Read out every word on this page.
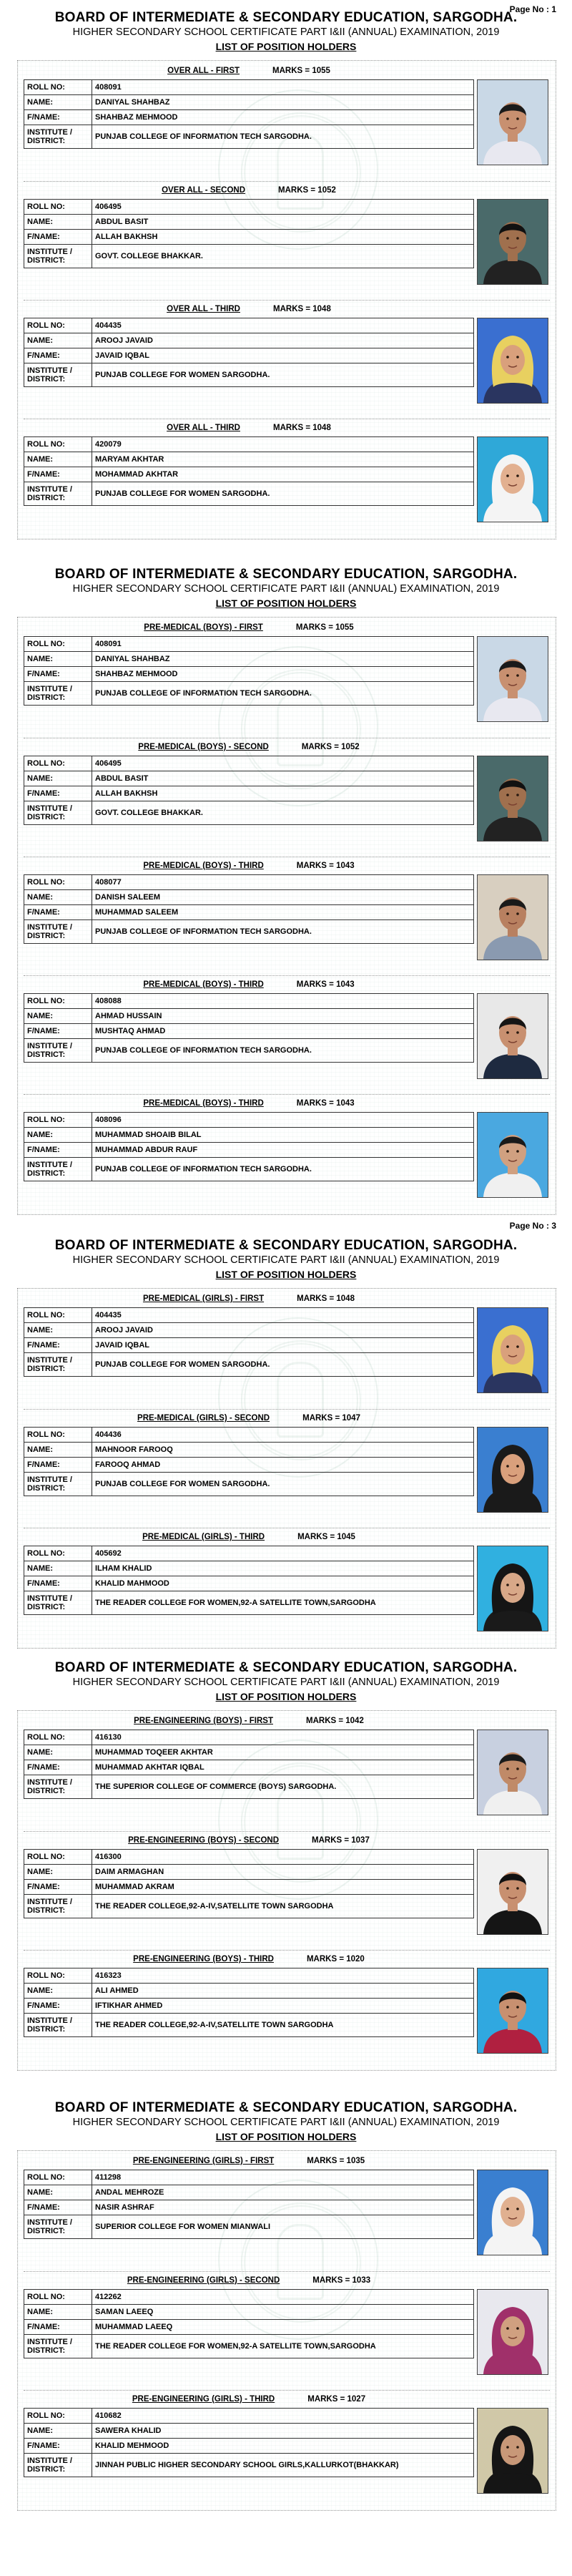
Page No : 1
Page No : 3
BOARD OF INTERMEDIATE & SECONDARY EDUCATION, SARGODHA.
HIGHER SECONDARY SCHOOL CERTIFICATE PART I&II (ANNUAL) EXAMINATION, 2019
LIST OF POSITION HOLDERS
OVER ALL - FIRST	MARKS = 1055
ROLL NO:	408091
NAME:	DANIYAL SHAHBAZ
F/NAME:	SHAHBAZ MEHMOOD
INSTITUTE / DISTRICT:	PUNJAB COLLEGE OF INFORMATION TECH SARGODHA.
OVER ALL - SECOND	MARKS = 1052
ROLL NO:	406495
NAME:	ABDUL BASIT
F/NAME:	ALLAH BAKHSH
INSTITUTE / DISTRICT:	GOVT. COLLEGE BHAKKAR.
OVER ALL - THIRD	MARKS = 1048
ROLL NO:	404435
NAME:	AROOJ JAVAID
F/NAME:	JAVAID IQBAL
INSTITUTE / DISTRICT:	PUNJAB COLLEGE FOR WOMEN SARGODHA.
OVER ALL - THIRD	MARKS = 1048
ROLL NO:	420079
NAME:	MARYAM AKHTAR
F/NAME:	MOHAMMAD AKHTAR
INSTITUTE / DISTRICT:	PUNJAB COLLEGE FOR WOMEN SARGODHA.
BOARD OF INTERMEDIATE & SECONDARY EDUCATION, SARGODHA.
HIGHER SECONDARY SCHOOL CERTIFICATE PART I&II (ANNUAL) EXAMINATION, 2019
LIST OF POSITION HOLDERS
PRE-MEDICAL (BOYS) - FIRST	MARKS = 1055
ROLL NO:	408091
NAME:	DANIYAL SHAHBAZ
F/NAME:	SHAHBAZ MEHMOOD
INSTITUTE / DISTRICT:	PUNJAB COLLEGE OF INFORMATION TECH SARGODHA.
PRE-MEDICAL (BOYS) - SECOND	MARKS = 1052
ROLL NO:	406495
NAME:	ABDUL BASIT
F/NAME:	ALLAH BAKHSH
INSTITUTE / DISTRICT:	GOVT. COLLEGE BHAKKAR.
PRE-MEDICAL (BOYS) - THIRD	MARKS = 1043
ROLL NO:	408077
NAME:	DANISH SALEEM
F/NAME:	MUHAMMAD SALEEM
INSTITUTE / DISTRICT:	PUNJAB COLLEGE OF INFORMATION TECH SARGODHA.
PRE-MEDICAL (BOYS) - THIRD	MARKS = 1043
ROLL NO:	408088
NAME:	AHMAD HUSSAIN
F/NAME:	MUSHTAQ AHMAD
INSTITUTE / DISTRICT:	PUNJAB COLLEGE OF INFORMATION TECH SARGODHA.
PRE-MEDICAL (BOYS) - THIRD	MARKS = 1043
ROLL NO:	408096
NAME:	MUHAMMAD SHOAIB BILAL
F/NAME:	MUHAMMAD ABDUR RAUF
INSTITUTE / DISTRICT:	PUNJAB COLLEGE OF INFORMATION TECH SARGODHA.
BOARD OF INTERMEDIATE & SECONDARY EDUCATION, SARGODHA.
HIGHER SECONDARY SCHOOL CERTIFICATE PART I&II (ANNUAL) EXAMINATION, 2019
LIST OF POSITION HOLDERS
PRE-MEDICAL (GIRLS) - FIRST	MARKS = 1048
ROLL NO:	404435
NAME:	AROOJ JAVAID
F/NAME:	JAVAID IQBAL
INSTITUTE / DISTRICT:	PUNJAB COLLEGE FOR WOMEN SARGODHA.
PRE-MEDICAL (GIRLS) - SECOND	MARKS = 1047
ROLL NO:	404436
NAME:	MAHNOOR FAROOQ
F/NAME:	FAROOQ AHMAD
INSTITUTE / DISTRICT:	PUNJAB COLLEGE FOR WOMEN SARGODHA.
PRE-MEDICAL (GIRLS) - THIRD	MARKS = 1045
ROLL NO:	405692
NAME:	ILHAM KHALID
F/NAME:	KHALID MAHMOOD
INSTITUTE / DISTRICT:	THE READER COLLEGE FOR WOMEN,92-A SATELLITE TOWN,SARGODHA
BOARD OF INTERMEDIATE & SECONDARY EDUCATION, SARGODHA.
HIGHER SECONDARY SCHOOL CERTIFICATE PART I&II (ANNUAL) EXAMINATION, 2019
LIST OF POSITION HOLDERS
PRE-ENGINEERING (BOYS) - FIRST	MARKS = 1042
ROLL NO:	416130
NAME:	MUHAMMAD TOQEER AKHTAR
F/NAME:	MUHAMMAD AKHTAR IQBAL
INSTITUTE / DISTRICT:	THE SUPERIOR COLLEGE OF COMMERCE (BOYS) SARGODHA.
PRE-ENGINEERING (BOYS) - SECOND	MARKS = 1037
ROLL NO:	416300
NAME:	DAIM ARMAGHAN
F/NAME:	MUHAMMAD AKRAM
INSTITUTE / DISTRICT:	THE READER COLLEGE,92-A-IV,SATELLITE TOWN SARGODHA
PRE-ENGINEERING (BOYS) - THIRD	MARKS = 1020
ROLL NO:	416323
NAME:	ALI AHMED
F/NAME:	IFTIKHAR AHMED
INSTITUTE / DISTRICT:	THE READER COLLEGE,92-A-IV,SATELLITE TOWN SARGODHA
BOARD OF INTERMEDIATE & SECONDARY EDUCATION, SARGODHA.
HIGHER SECONDARY SCHOOL CERTIFICATE PART I&II (ANNUAL) EXAMINATION, 2019
LIST OF POSITION HOLDERS
PRE-ENGINEERING (GIRLS) - FIRST	MARKS = 1035
ROLL NO:	411298
NAME:	ANDAL MEHROZE
F/NAME:	NASIR ASHRAF
INSTITUTE / DISTRICT:	SUPERIOR COLLEGE FOR WOMEN MIANWALI
PRE-ENGINEERING (GIRLS) - SECOND	MARKS = 1033
ROLL NO:	412262
NAME:	SAMAN LAEEQ
F/NAME:	MUHAMMAD LAEEQ
INSTITUTE / DISTRICT:	THE READER COLLEGE FOR WOMEN,92-A SATELLITE TOWN,SARGODHA
PRE-ENGINEERING (GIRLS) - THIRD	MARKS = 1027
ROLL NO:	410682
NAME:	SAWERA KHALID
F/NAME:	KHALID MEHMOOD
INSTITUTE / DISTRICT:	JINNAH PUBLIC HIGHER SECONDARY SCHOOL GIRLS,KALLURKOT(BHAKKAR)
